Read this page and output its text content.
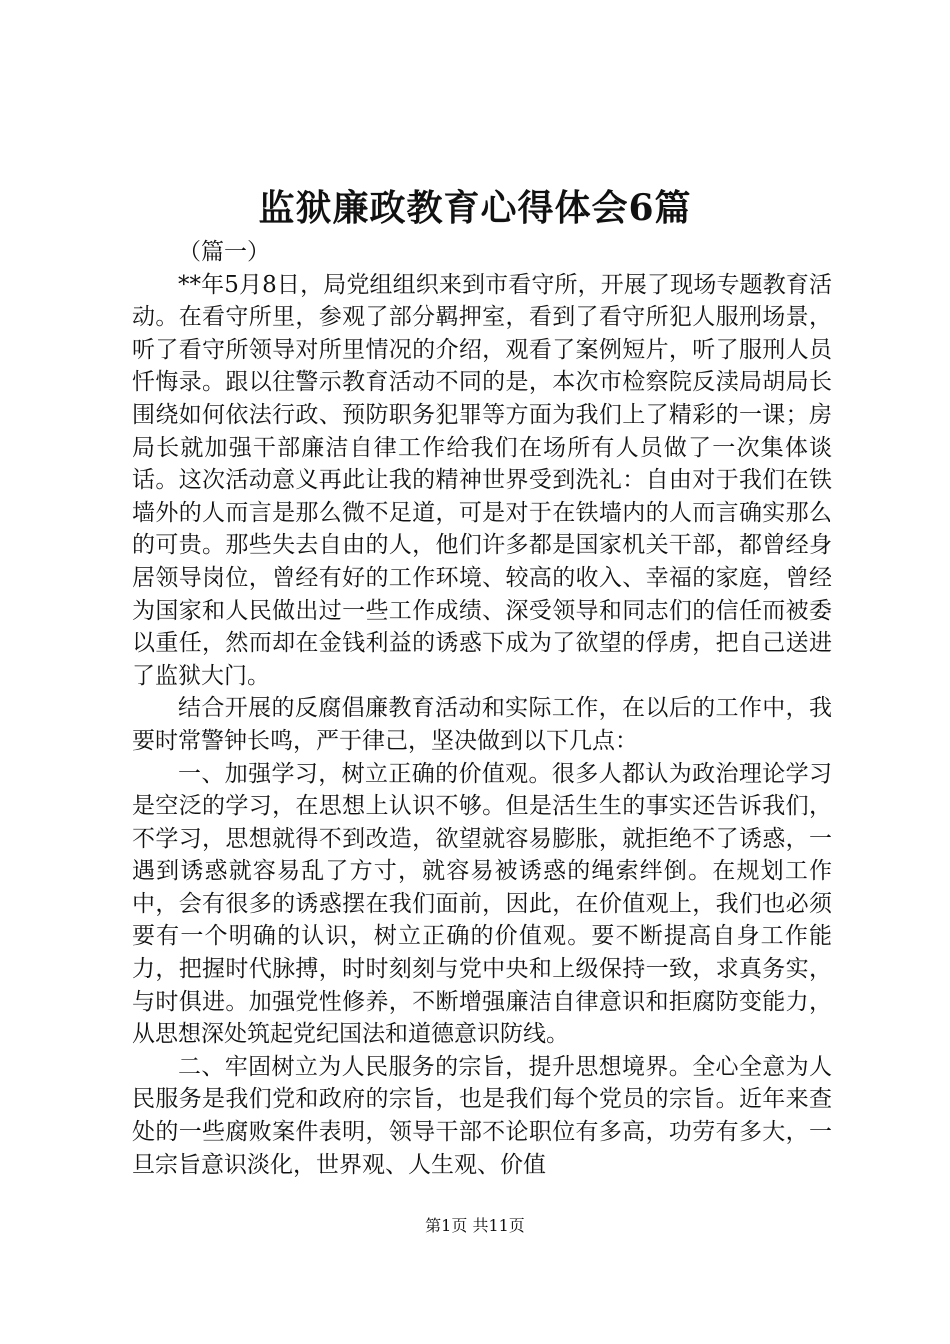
监狱廉政教育心得体会6篇

（篇一）

**年5月8日，局党组组织来到市看守所，开展了现场专题教育活动。在看守所里，参观了部分羁押室，看到了看守所犯人服刑场景，听了看守所领导对所里情况的介绍，观看了案例短片，听了服刑人员忏悔录。跟以往警示教育活动不同的是，本次市检察院反渎局胡局长围绕如何依法行政、预防职务犯罪等方面为我们上了精彩的一课；房局长就加强干部廉洁自律工作给我们在场所有人员做了一次集体谈话。这次活动意义再此让我的精神世界受到洗礼：自由对于我们在铁墙外的人而言是那么微不足道，可是对于在铁墙内的人而言确实那么的可贵。那些失去自由的人，他们许多都是国家机关干部，都曾经身居领导岗位，曾经有好的工作环境、较高的收入、幸福的家庭，曾经为国家和人民做出过一些工作成绩、深受领导和同志们的信任而被委以重任，然而却在金钱利益的诱惑下成为了欲望的俘虏，把自己送进了监狱大门。

结合开展的反腐倡廉教育活动和实际工作，在以后的工作中，我要时常警钟长鸣，严于律己，坚决做到以下几点：

一、加强学习，树立正确的价值观。很多人都认为政治理论学习是空泛的学习，在思想上认识不够。但是活生生的事实还告诉我们，不学习，思想就得不到改造，欲望就容易膨胀，就拒绝不了诱惑，一遇到诱惑就容易乱了方寸，就容易被诱惑的绳索绊倒。在规划工作中，会有很多的诱惑摆在我们面前，因此，在价值观上，我们也必须要有一个明确的认识，树立正确的价值观。要不断提高自身工作能力，把握时代脉搏，时时刻刻与党中央和上级保持一致，求真务实，与时俱进。加强党性修养，不断增强廉洁自律意识和拒腐防变能力，从思想深处筑起党纪国法和道德意识防线。

二、牢固树立为人民服务的宗旨，提升思想境界。全心全意为人民服务是我们党和政府的宗旨，也是我们每个党员的宗旨。近年来查处的一些腐败案件表明，领导干部不论职位有多高，功劳有多大，一旦宗旨意识淡化，世界观、人生观、价值

第1页 共11页
